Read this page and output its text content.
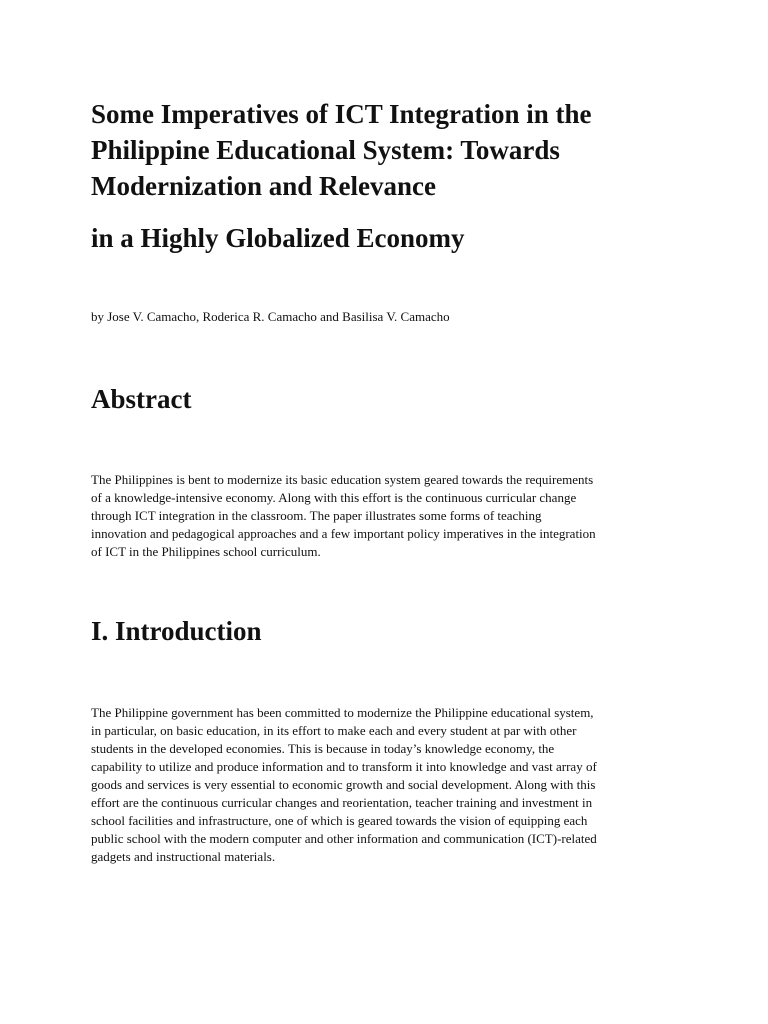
Some Imperatives of ICT Integration in the
Philippine Educational System: Towards
Modernization and Relevance
in a Highly Globalized Economy

by Jose V. Camacho, Roderica R. Camacho and Basilisa V. Camacho

Abstract

The Philippines is bent to modernize its basic education system geared towards the requirements
of a knowledge-intensive economy. Along with this effort is the continuous curricular change
through ICT integration in the classroom. The paper illustrates some forms of teaching
innovation and pedagogical approaches and a few important policy imperatives in the integration
of ICT in the Philippines school curriculum.

I. Introduction

The Philippine government has been committed to modernize the Philippine educational system,
in particular, on basic education, in its effort to make each and every student at par with other
students in the developed economies. This is because in today’s knowledge economy, the
capability to utilize and produce information and to transform it into knowledge and vast array of
goods and services is very essential to economic growth and social development. Along with this
effort are the continuous curricular changes and reorientation, teacher training and investment in
school facilities and infrastructure, one of which is geared towards the vision of equipping each
public school with the modern computer and other information and communication (ICT)-related
gadgets and instructional materials.
